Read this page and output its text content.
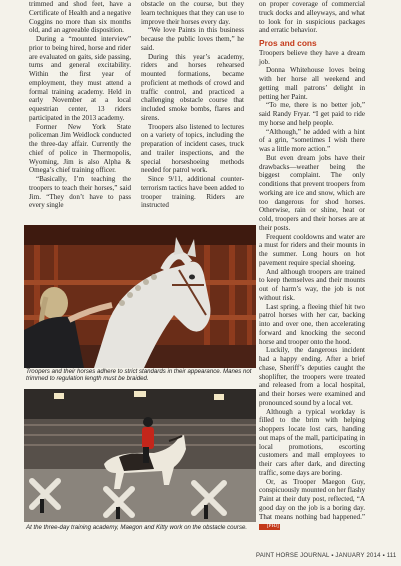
trimmed and shod feet, have a Certificate of Health and a negative Coggins no more than six months old, and an agreeable disposition.

During a “mounted interview” prior to being hired, horse and rider are evaluated on gaits, side passing, turns and general excitability. Within the first year of employment, they must attend a formal training academy. Held in early November at a local equestrian center, 13 riders participated in the 2013 academy.

Former New York State policeman Jim Weidlock conducted the three-day affair. Currently the chief of police in Thermopolis, Wyoming, Jim is also Alpha & Omega’s chief training officer.

“Basically, I’m teaching the troopers to teach their horses,” said Jim. “They don’t have to pass every single

obstacle on the course, but they learn techniques that they can use to improve their horses every day.

“We love Paints in this business because the public loves them,” he said.

During this year’s academy, riders and horses rehearsed mounted formations, became proficient at methods of crowd and traffic control, and practiced a challenging obstacle course that included smoke bombs, flares and sirens.

Troopers also listened to lectures on a variety of topics, including the preparation of incident cases, truck and trailer inspections, and the special horseshoeing methods needed for patrol work.

Since 9/11, additional counter-terrorism tactics have been added to trooper training. Riders are instructed

on proper coverage of commercial truck docks and alleyways, and what to look for in suspicious packages and erratic behavior.

Pros and cons

Troopers believe they have a dream job.

Donna Whitehouse loves being with her horse all weekend and getting mall patrons’ delight in petting her Paint.

“To me, there is no better job,” said Randy Fryar. “I get paid to ride my horse and help people.

“Although,” he added with a hint of a grin, “sometimes I wish there was a little more action.”

But even dream jobs have their drawbacks—weather being the biggest complaint. The only conditions that prevent troopers from working are ice and snow, which are too dangerous for shod horses. Otherwise, rain or shine, heat or cold, troopers and their horses are at their posts.

Frequent cooldowns and water are a must for riders and their mounts in the summer. Long hours on hot pavement require special shoeing.

And although troopers are trained to keep themselves and their mounts out of harm’s way, the job is not without risk.

Last spring, a fleeing thief hit two patrol horses with her car, backing into and over one, then accelerating forward and knocking the second horse and trooper onto the hood.

Luckily, the dangerous incident had a happy ending. After a brief chase, Sheriff’s deputies caught the shoplifter, the troopers were treated and released from a local hospital, and their horses were examined and pronounced sound by a local vet.

Although a typical workday is filled to the brim with helping shoppers locate lost cars, handing out maps of the mall, participating in local promotions, escorting customers and mall employees to their cars after dark, and directing traffic, some days are boring.

Or, as Trooper Maegon Guy, conspicuously mounted on her flashy Paint at their duty post, reflected, “A good day on the job is a boring day. That means nothing bad happened.” [PHJ]

Troopers and their horses adhere to strict standards in their appearance. Manes not trimmed to regulation length must be braided.
At the three-day training academy, Maegon and Kitty work on the obstacle course.
PAINT HORSE JOURNAL ▪ JANUARY 2014 ▪ 111
